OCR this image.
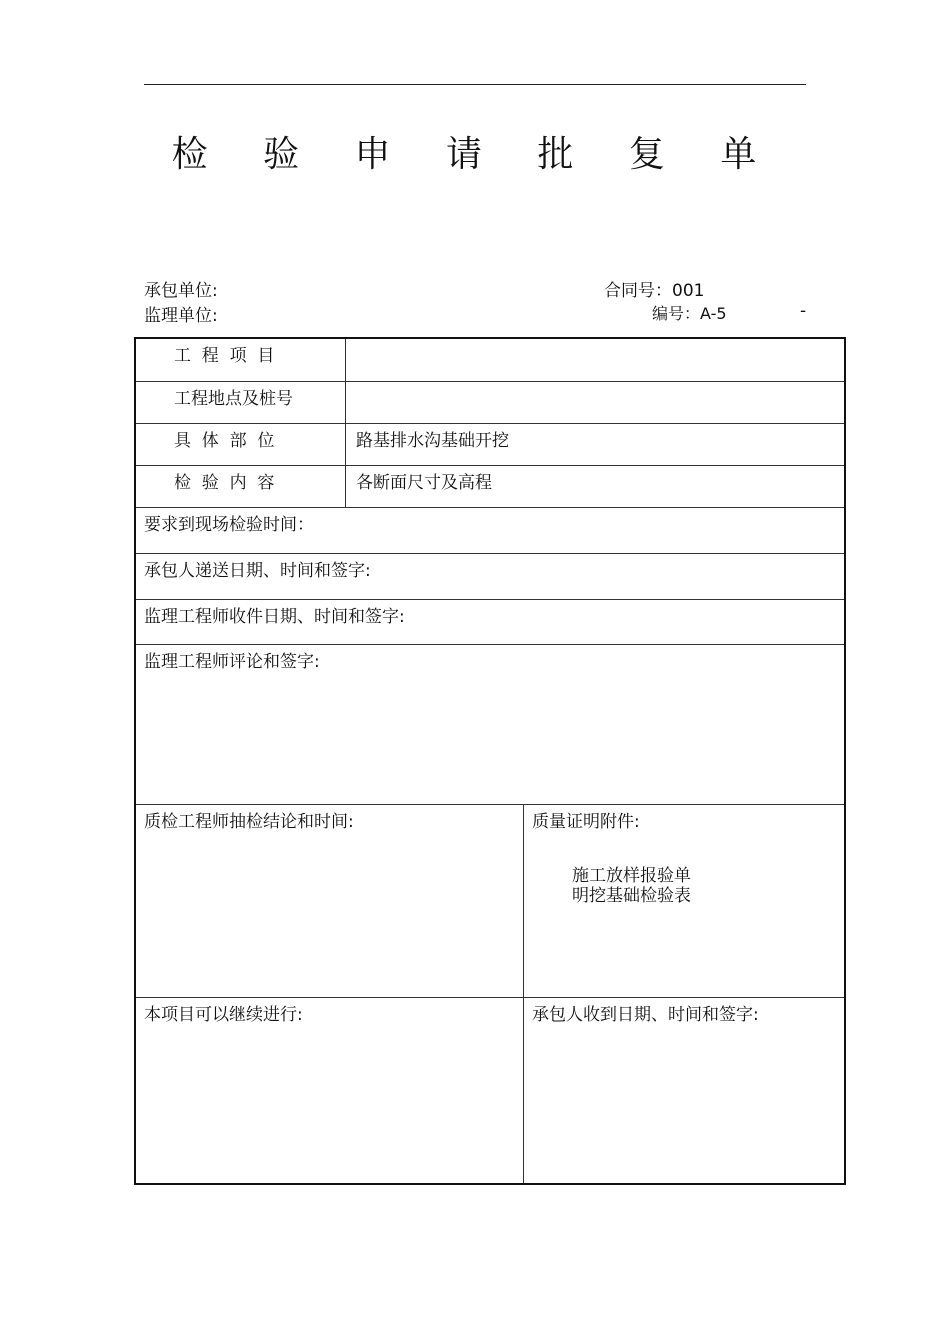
检 验 申 请 批 复 单
承包单位:
监理单位:
合同号：001
编号：A-5	-
工  程  项  目
工程地点及桩号
具  体  部  位	路基排水沟基础开挖
检  验  内  容	各断面尺寸及高程
要求到现场检验时间：
承包人递送日期、时间和签字:
监理工程师收件日期、时间和签字:
监理工程师评论和签字:
质检工程师抽检结论和时间:	质量证明附件:
施工放样报验单
明挖基础检验表
本项目可以继续进行:	承包人收到日期、时间和签字:
